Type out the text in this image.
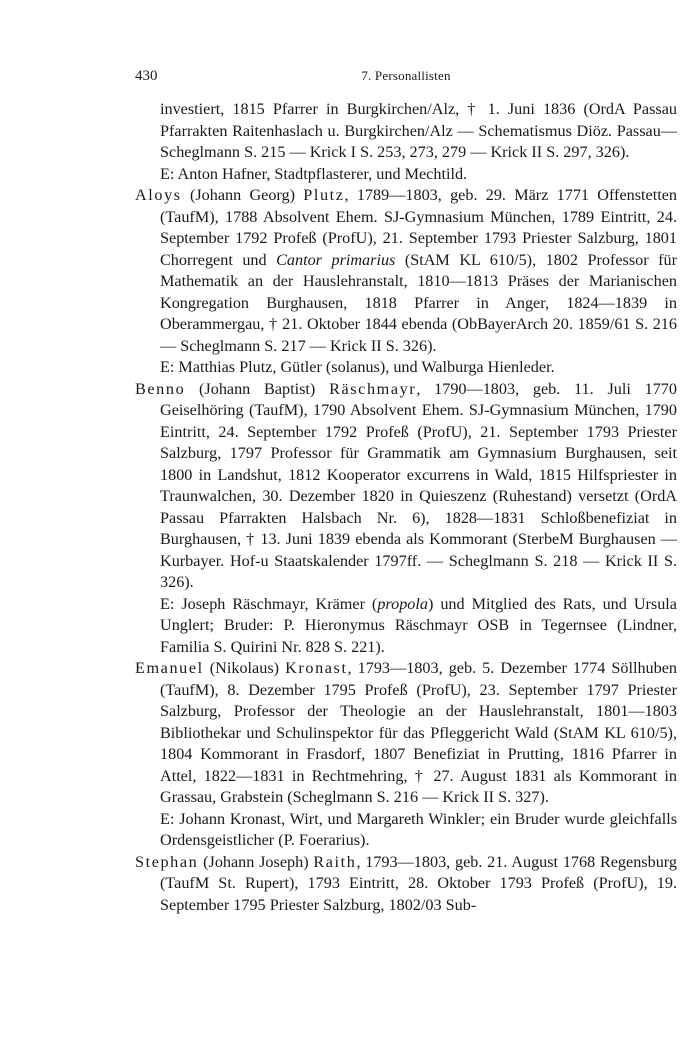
430	7. Personallisten

investiert, 1815 Pfarrer in Burgkirchen/Alz, † 1. Juni 1836 (OrdA Passau Pfarrakten Raitenhaslach u. Burgkirchen/Alz — Schematismus Diöz. Passau—Scheglmann S. 215 — Krick I S. 253, 273, 279 — Krick II S. 297, 326).

E: Anton Hafner, Stadtpflasterer, und Mechtild.

Aloys (Johann Georg) Plutz, 1789—1803, geb. 29. März 1771 Offenstetten (TaufM), 1788 Absolvent Ehem. SJ-Gymnasium München, 1789 Eintritt, 24. September 1792 Profeß (ProfU), 21. September 1793 Priester Salzburg, 1801 Chorregent und Cantor primarius (StAM KL 610/5), 1802 Professor für Mathematik an der Hauslehranstalt, 1810—1813 Präses der Marianischen Kongregation Burghausen, 1818 Pfarrer in Anger, 1824—1839 in Oberammergau, † 21. Oktober 1844 ebenda (ObBayerArch 20. 1859/61 S. 216 — Scheglmann S. 217 — Krick II S. 326).

E: Matthias Plutz, Gütler (solanus), und Walburga Hienleder.

Benno (Johann Baptist) Räschmayr, 1790—1803, geb. 11. Juli 1770 Geiselhöring (TaufM), 1790 Absolvent Ehem. SJ-Gymnasium München, 1790 Eintritt, 24. September 1792 Profeß (ProfU), 21. September 1793 Priester Salzburg, 1797 Professor für Grammatik am Gymnasium Burghausen, seit 1800 in Landshut, 1812 Kooperator excurrens in Wald, 1815 Hilfspriester in Traunwalchen, 30. Dezember 1820 in Quieszenz (Ruhestand) versetzt (OrdA Passau Pfarrakten Halsbach Nr. 6), 1828—1831 Schloßbenefiziat in Burghausen, † 13. Juni 1839 ebenda als Kommorant (SterbeM Burghausen — Kurbayer. Hof-u Staatskalender 1797ff. — Scheglmann S. 218 — Krick II S. 326).

E: Joseph Räschmayr, Krämer (propola) und Mitglied des Rats, und Ursula Unglert; Bruder: P. Hieronymus Räschmayr OSB in Tegernsee (Lindner, Familia S. Quirini Nr. 828 S. 221).

Emanuel (Nikolaus) Kronast, 1793—1803, geb. 5. Dezember 1774 Söllhuben (TaufM), 8. Dezember 1795 Profeß (ProfU), 23. September 1797 Priester Salzburg, Professor der Theologie an der Hauslehranstalt, 1801—1803 Bibliothekar und Schulinspektor für das Pfleggericht Wald (StAM KL 610/5), 1804 Kommorant in Frasdorf, 1807 Benefiziat in Prutting, 1816 Pfarrer in Attel, 1822—1831 in Rechtmehring, † 27. August 1831 als Kommorant in Grassau, Grabstein (Scheglmann S. 216 — Krick II S. 327).

E: Johann Kronast, Wirt, und Margareth Winkler; ein Bruder wurde gleichfalls Ordensgeistlicher (P. Foerarius).

Stephan (Johann Joseph) Raith, 1793—1803, geb. 21. August 1768 Regensburg (TaufM St. Rupert), 1793 Eintritt, 28. Oktober 1793 Profeß (ProfU), 19. September 1795 Priester Salzburg, 1802/03 Sub-
